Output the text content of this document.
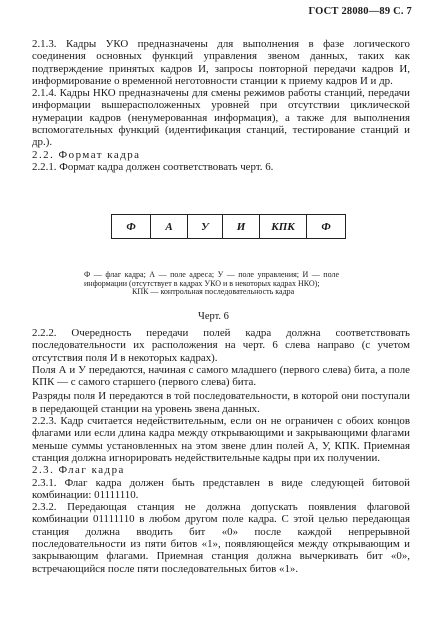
ГОСТ 28080—89 С. 7

2.1.3. Кадры УКО предназначены для выполнения в фазе логического соединения основных функций управления звеном данных, таких как подтверждение принятых кадров И, запросы повторной передачи кадров И, информирование о временной неготовности станции к приему кадров И и др.

2.1.4. Кадры НКО предназначены для смены режимов работы станций, передачи информации вышерасположенных уровней при отсутствии циклической нумерации кадров (ненумерованная информация), а также для выполнения вспомогательных функций (идентификация станций, тестирование станций и др.).

2.2. Формат кадра

2.2.1. Формат кадра должен соответствовать черт. 6.

Ф	А	У	И	КПК	Ф
Ф — флаг кадра; А — поле адреса; У — поле управления; И — поле информации (отсутствует в кадрах УКО и в некоторых кадрах НКО);
КПК — контрольная последовательность кадра
Черт. 6

2.2.2. Очередность передачи полей кадра должна соответствовать последовательности их расположения на черт. 6 слева направо (с учетом отсутствия поля И в некоторых кадрах).

Поля А и У передаются, начиная с самого младшего (первого слева) бита, а поле КПК — с самого старшего (первого слева) бита.

Разряды поля И передаются в той последовательности, в которой они поступали в передающей станции на уровень звена данных.

2.2.3. Кадр считается недействительным, если он не ограничен с обоих концов флагами или если длина кадра между открывающими и закрывающими флагами меньше суммы установленных на этом звене длин полей А, У, КПК. Приемная станция должна игнорировать недействительные кадры при их получении.

2.3. Флаг кадра

2.3.1. Флаг кадра должен быть представлен в виде следующей битовой комбинации: 01111110.

2.3.2. Передающая станция не должна допускать появления флаговой комбинации 01111110 в любом другом поле кадра. С этой целью передающая станция должна вводить бит «0» после каждой непрерывной последовательности из пяти битов «1», появляющейся между открывающим и закрывающим флагами. Приемная станция должна вычеркивать бит «0», встречающийся после пяти последовательных битов «1».
